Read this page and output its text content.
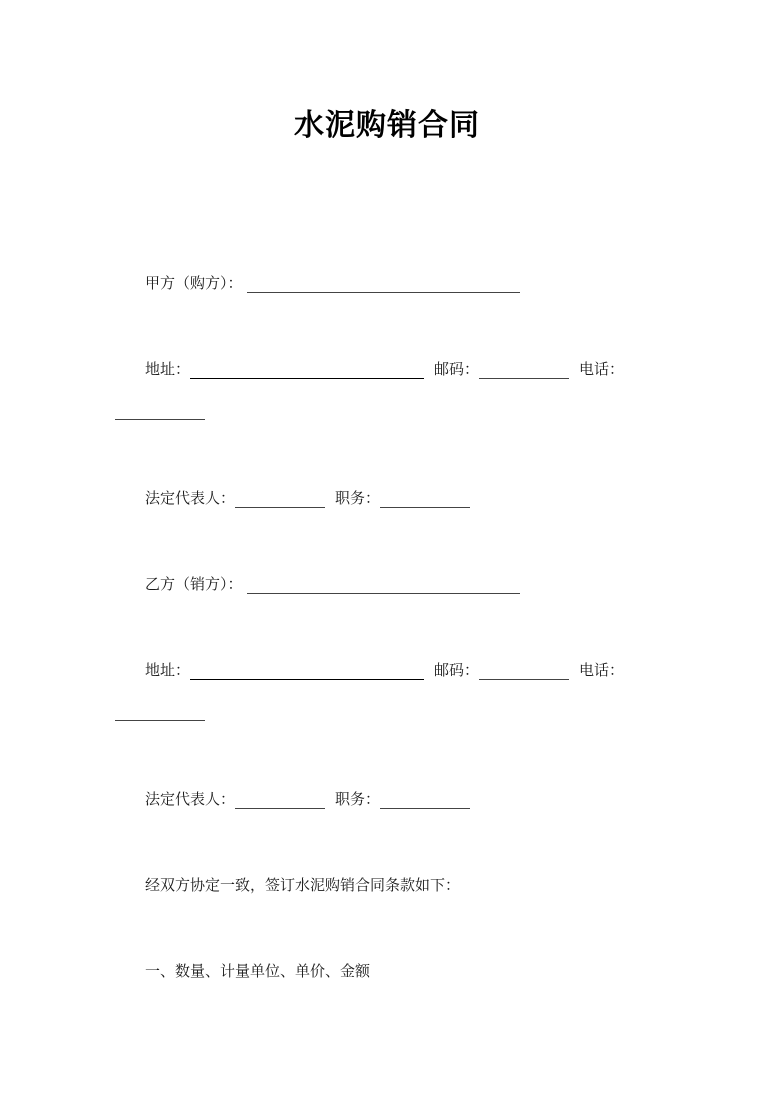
水泥购销合同
甲方（购方）：
地址：	邮码：	电话：
法定代表人：	职务：
乙方（销方）：
地址：	邮码：	电话：
法定代表人：	职务：
经双方协定一致，签订水泥购销合同条款如下：
一、数量、计量单位、单价、金额
